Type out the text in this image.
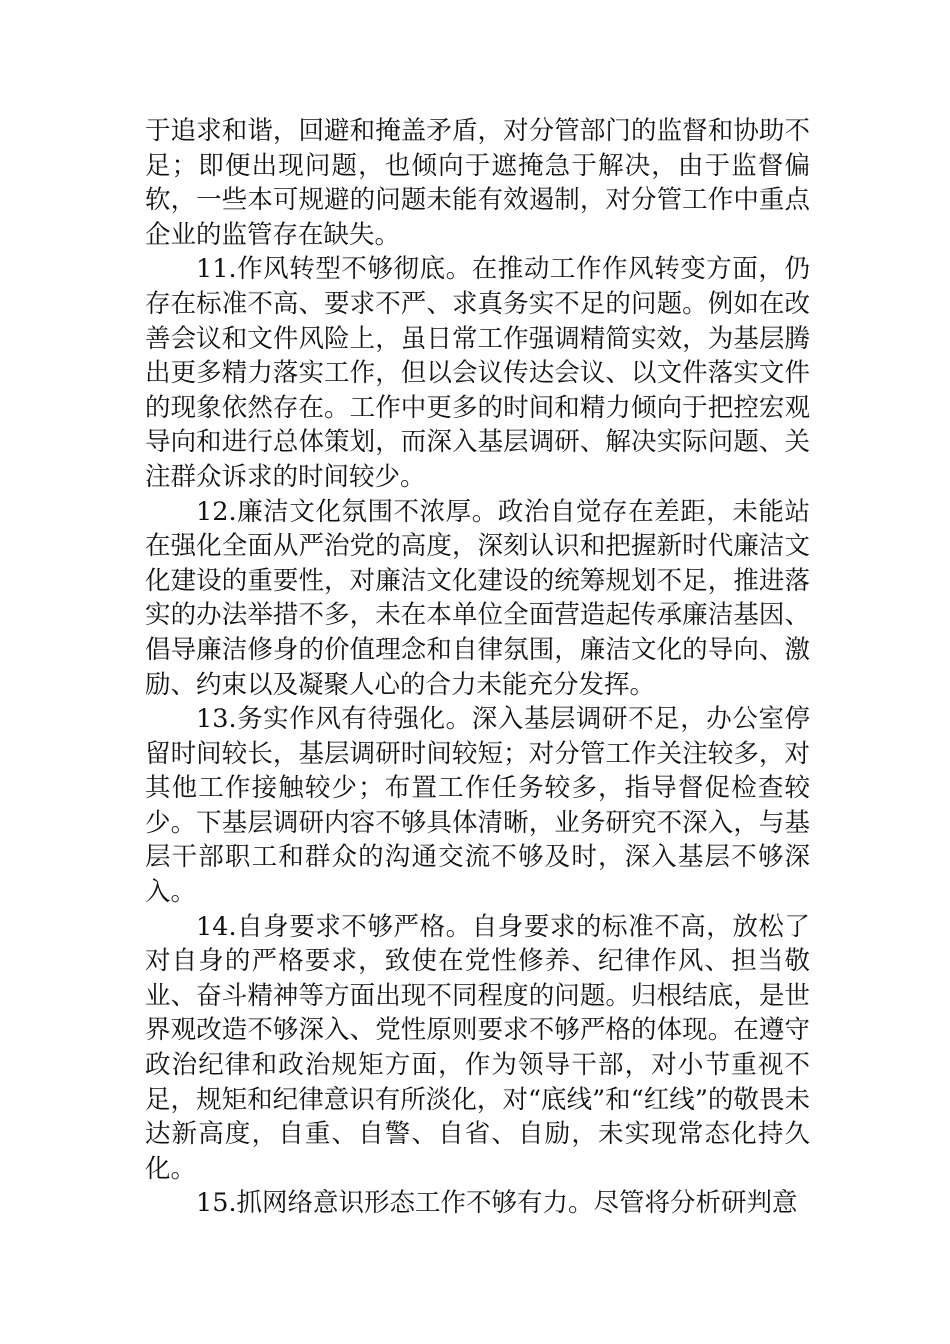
于追求和谐，回避和掩盖矛盾，对分管部门的监督和协助不足；即便出现问题，也倾向于遮掩急于解决，由于监督偏软，一些本可规避的问题未能有效遏制，对分管工作中重点企业的监管存在缺失。

11.作风转型不够彻底。在推动工作作风转变方面，仍存在标准不高、要求不严、求真务实不足的问题。例如在改善会议和文件风险上，虽日常工作强调精简实效，为基层腾出更多精力落实工作，但以会议传达会议、以文件落实文件的现象依然存在。工作中更多的时间和精力倾向于把控宏观导向和进行总体策划，而深入基层调研、解决实际问题、关注群众诉求的时间较少。

12.廉洁文化氛围不浓厚。政治自觉存在差距，未能站在强化全面从严治党的高度，深刻认识和把握新时代廉洁文化建设的重要性，对廉洁文化建设的统筹规划不足，推进落实的办法举措不多，未在本单位全面营造起传承廉洁基因、倡导廉洁修身的价值理念和自律氛围，廉洁文化的导向、激励、约束以及凝聚人心的合力未能充分发挥。

13.务实作风有待强化。深入基层调研不足，办公室停留时间较长，基层调研时间较短；对分管工作关注较多，对其他工作接触较少；布置工作任务较多，指导督促检查较少。下基层调研内容不够具体清晰，业务研究不深入，与基层干部职工和群众的沟通交流不够及时，深入基层不够深入。

14.自身要求不够严格。自身要求的标准不高，放松了对自身的严格要求，致使在党性修养、纪律作风、担当敬业、奋斗精神等方面出现不同程度的问题。归根结底，是世界观改造不够深入、党性原则要求不够严格的体现。在遵守政治纪律和政治规矩方面，作为领导干部，对小节重视不足，规矩和纪律意识有所淡化，对“底线”和“红线”的敬畏未达新高度，自重、自警、自省、自励，未实现常态化持久化。

15.抓网络意识形态工作不够有力。尽管将分析研判意
